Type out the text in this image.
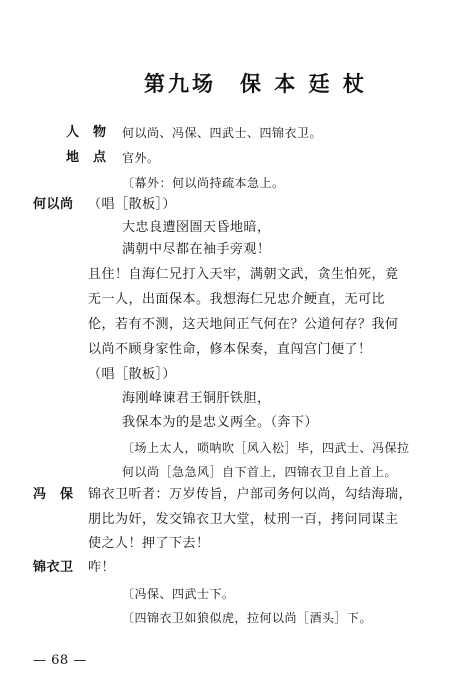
第九场　保 本 廷 杖
人　物 何以尚、冯保、四武士、四锦衣卫。
地　点 官外。
〔幕外：何以尚持疏本急上。
何以尚 （唱［散板］）
大忠良遭囹圄天昏地暗，
满朝中尽都在袖手旁观！
且住！自海仁兄打入天牢，满朝文武，贪生怕死，竟
无一人，出面保本。我想海仁兄忠介鲠直，无可比
伦，若有不测，这天地间正气何在？公道何存？我何
以尚不顾身家性命，修本保奏，直闯宫门便了！
（唱［散板］）
海刚峰谏君王铜肝铁胆，
我保本为的是忠义两全。（奔下）
〔场上太人，唢呐吹［风入松］毕，四武士、冯保拉
何以尚［急急风］自下首上，四锦衣卫自上首上。
冯　保 锦衣卫听者：万岁传旨，户部司务何以尚，勾结海瑞，
朋比为奸，发交锦衣卫大堂，杖刑一百，拷问同谋主
使之人！押了下去！
锦衣卫 咋！
〔冯保、四武士下。
〔四锦衣卫如狼似虎，拉何以尚［酒头］下。
— 68 —
